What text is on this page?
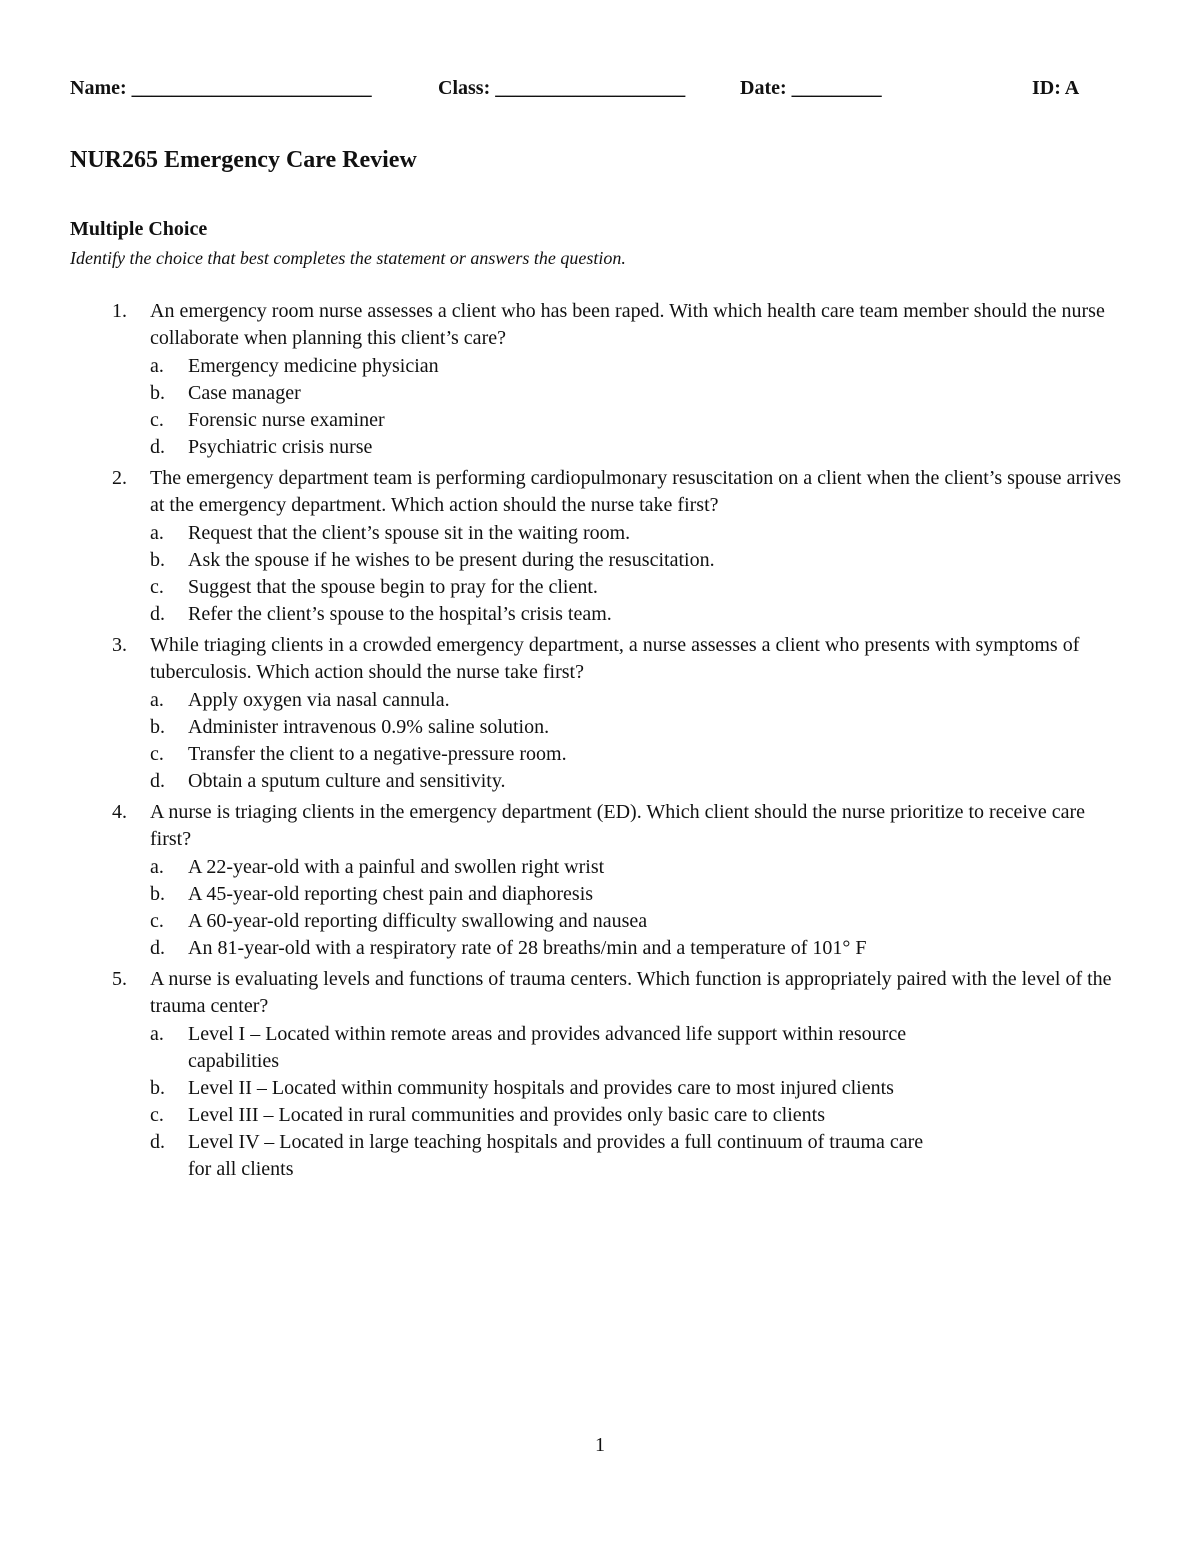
Name: ________________________	Class: ___________________	Date: _________	ID: A
NUR265 Emergency Care Review
Multiple Choice
Identify the choice that best completes the statement or answers the question.
1. An emergency room nurse assesses a client who has been raped. With which health care team member should the nurse collaborate when planning this client’s care?
a. Emergency medicine physician
b. Case manager
c. Forensic nurse examiner
d. Psychiatric crisis nurse
2. The emergency department team is performing cardiopulmonary resuscitation on a client when the client’s spouse arrives at the emergency department. Which action should the nurse take first?
a. Request that the client’s spouse sit in the waiting room.
b. Ask the spouse if he wishes to be present during the resuscitation.
c. Suggest that the spouse begin to pray for the client.
d. Refer the client’s spouse to the hospital’s crisis team.
3. While triaging clients in a crowded emergency department, a nurse assesses a client who presents with symptoms of tuberculosis. Which action should the nurse take first?
a. Apply oxygen via nasal cannula.
b. Administer intravenous 0.9% saline solution.
c. Transfer the client to a negative-pressure room.
d. Obtain a sputum culture and sensitivity.
4. A nurse is triaging clients in the emergency department (ED). Which client should the nurse prioritize to receive care first?
a. A 22-year-old with a painful and swollen right wrist
b. A 45-year-old reporting chest pain and diaphoresis
c. A 60-year-old reporting difficulty swallowing and nausea
d. An 81-year-old with a respiratory rate of 28 breaths/min and a temperature of 101° F
5. A nurse is evaluating levels and functions of trauma centers. Which function is appropriately paired with the level of the trauma center?
a. Level I – Located within remote areas and provides advanced life support within resource capabilities
b. Level II – Located within community hospitals and provides care to most injured clients
c. Level III – Located in rural communities and provides only basic care to clients
d. Level IV – Located in large teaching hospitals and provides a full continuum of trauma care for all clients
1
